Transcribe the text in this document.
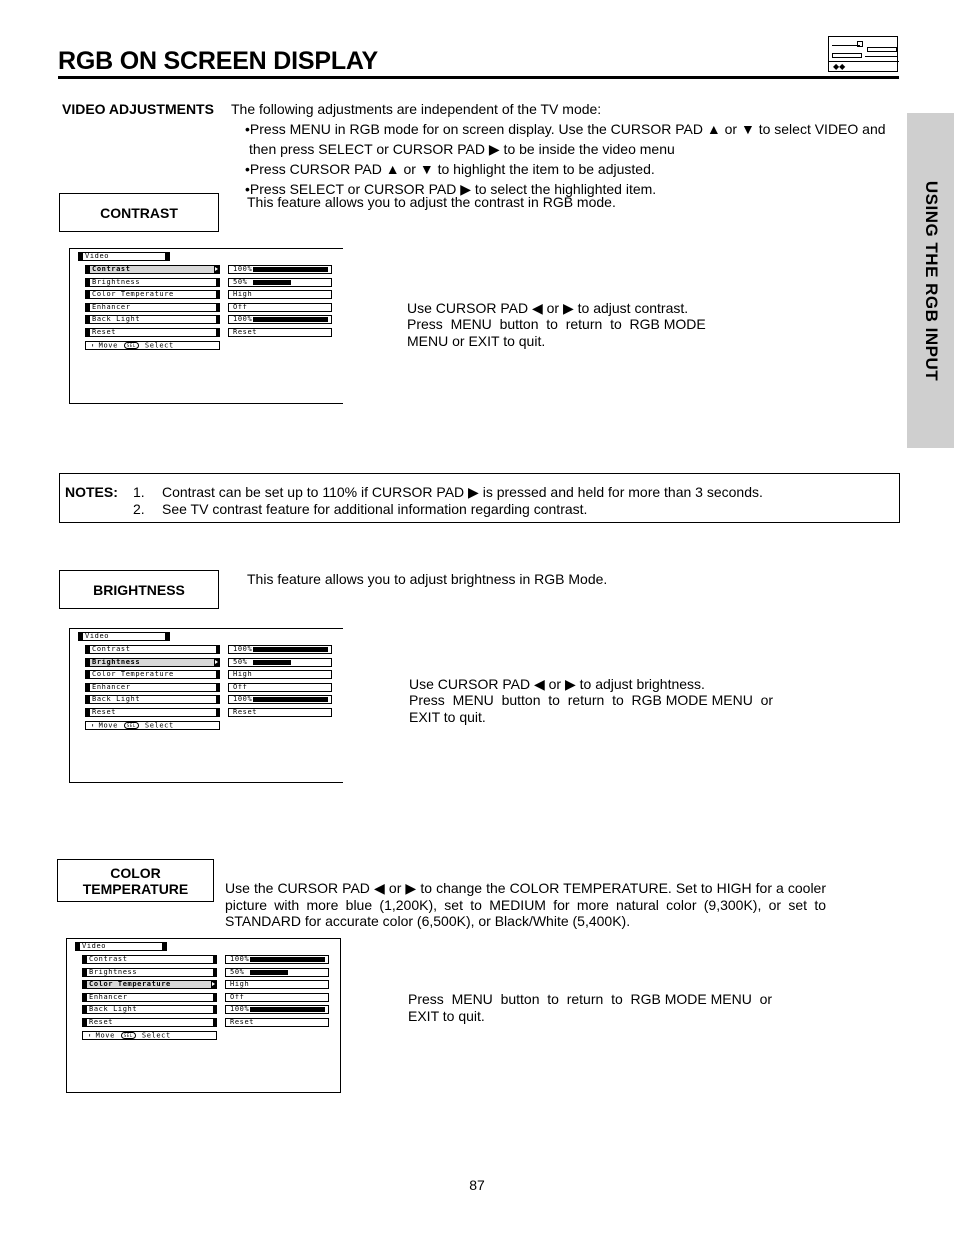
RGB ON SCREEN DISPLAY	◆◆
USING THE RGB INPUT
VIDEO ADJUSTMENTS The following adjustments are independent of the TV mode:
•Press MENU in RGB mode for on screen display. Use the CURSOR PAD ▲ or ▼ to select VIDEO and
then press SELECT or CURSOR PAD ▶ to be inside the video menu
•Press CURSOR PAD ▲ or ▼ to highlight the item to be adjusted.
•Press SELECT or CURSOR PAD ▶ to select the highlighted item.
CONTRAST
This feature allows you to adjust the contrast in RGB mode.
Video
Contrast	100%
Brightness	50%
Color Temperature	High
Enhancer	Off
Back Light	100%
Reset	Reset
⬍ Move SEL Select
Use CURSOR PAD ◀ or ▶ to adjust contrast.
Press  MENU  button  to  return  to  RGB MODE
MENU or EXIT to quit.
NOTES: 1. Contrast can be set up to 110% if CURSOR PAD ▶ is pressed and held for more than 3 seconds.
2. See TV contrast feature for additional information regarding contrast.
BRIGHTNESS
This feature allows you to adjust brightness in RGB Mode.
Video
Contrast	100%
Brightness	50%
Color Temperature	High
Enhancer	Off
Back Light	100%
Reset	Reset
⬍ Move SEL Select
Use CURSOR PAD ◀ or ▶ to adjust brightness.
Press  MENU  button  to  return  to  RGB MODE MENU  or
EXIT to quit.
COLOR
TEMPERATURE	Use the CURSOR PAD ◀ or ▶ to change the COLOR TEMPERATURE. Set to HIGH for a cooler picture with more blue (1,200K), set to MEDIUM for more natural color (9,300K), or set to STANDARD for accurate color (6,500K), or Black/White (5,400K).
Video
Contrast	100%
Brightness	50%
Color Temperature	High
Enhancer	Off
Back Light	100%
Reset	Reset
⬍ Move SEL Select
Press  MENU  button  to  return  to  RGB MODE MENU  or
EXIT to quit.
87
